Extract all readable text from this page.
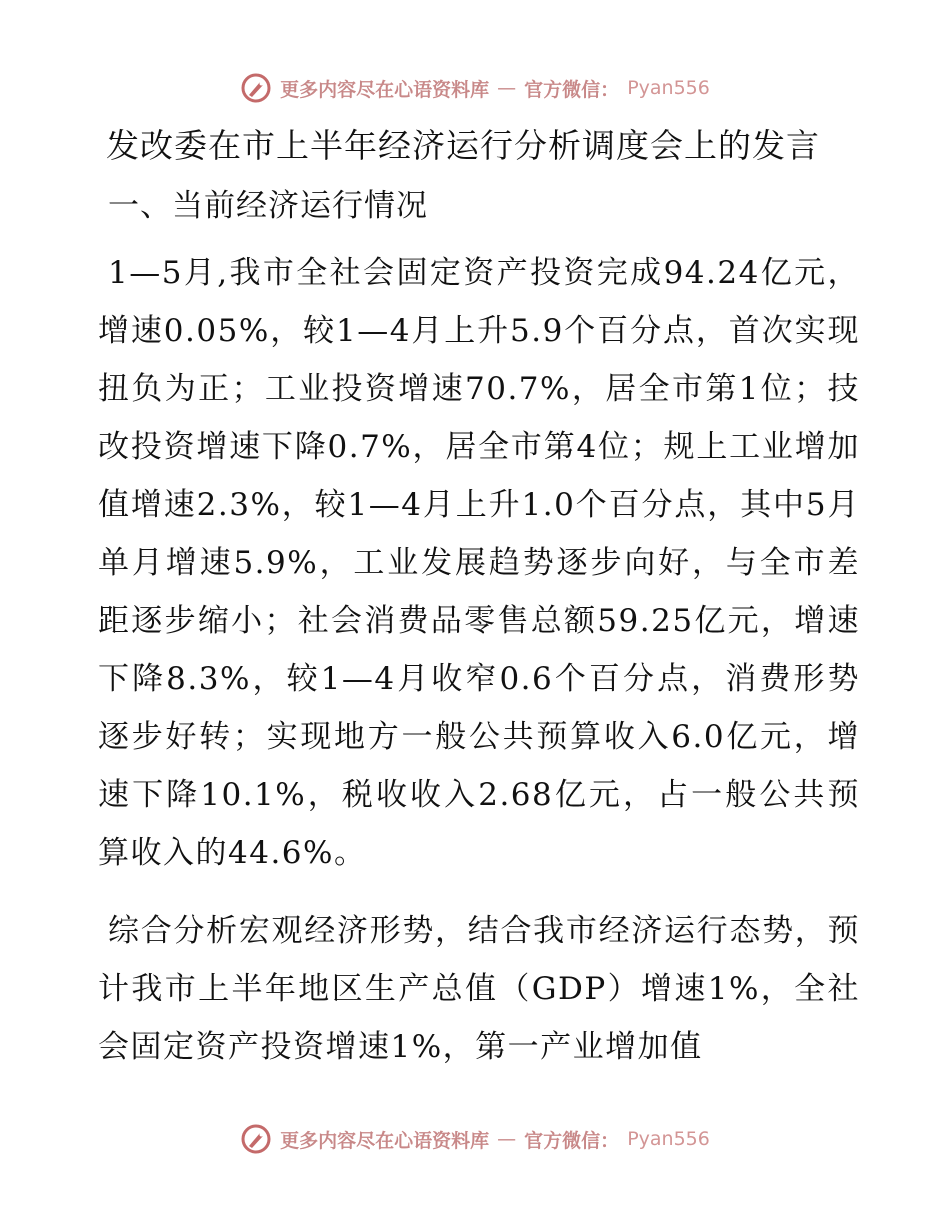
更多内容尽在心语资料库 — 官方微信： Pyan556
发改委在市上半年经济运行分析调度会上的发言
一、当前经济运行情况

1—5月,我市全社会固定资产投资完成94.24亿元，增速0.05%，较1—4月上升5.9个百分点，首次实现扭负为正；工业投资增速70.7%，居全市第1位；技改投资增速下降0.7%，居全市第4位；规上工业增加值增速2.3%，较1—4月上升1.0个百分点，其中5月单月增速5.9%，工业发展趋势逐步向好，与全市差距逐步缩小；社会消费品零售总额59.25亿元，增速下降8.3%，较1—4月收窄0.6个百分点，消费形势逐步好转；实现地方一般公共预算收入6.0亿元，增速下降10.1%，税收收入2.68亿元，占一般公共预算收入的44.6%。

综合分析宏观经济形势，结合我市经济运行态势，预计我市上半年地区生产总值（GDP）增速1%，全社会固定资产投资增速1%，第一产业增加值

更多内容尽在心语资料库 — 官方微信： Pyan556
